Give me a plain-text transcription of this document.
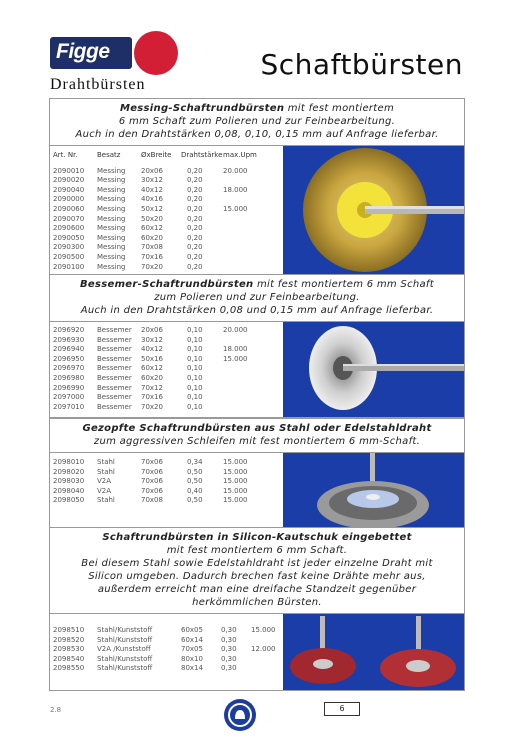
Figge
Drahtbürsten
Schaftbürsten
Messing-Schaftrundbürsten mit fest montiertem
6 mm Schaft zum Polieren und zur Feinbearbeitung.
Auch in den Drahtstärken 0,08, 0,10, 0,15 mm auf Anfrage lieferbar.
Art. Nr.	Besatz	ØxBreite Drahtstärke max.Upm
2090010 Messing 20x06	0,20	20.000
2090020 Messing 30x12	0,20
2090040 Messing 40x12	0,20	18.000
2090000 Messing 40x16	0,20
2090060 Messing 50x12	0,20	15.000
2090070 Messing 50x20	0,20
2090600 Messing 60x12	0,20
2090050 Messing 60x20	0,20
2090300 Messing 70x08	0,20
2090500 Messing 70x16	0,20
2090100 Messing 70x20	0,20
Bessemer-Schaftrundbürsten mit fest montiertem 6 mm Schaft
zum Polieren und zur Feinbearbeitung.
Auch in den Drahtstärken 0,08 und 0,15 mm auf Anfrage lieferbar.
2096920 Bessemer 20x06	0,10	20.000
2096930 Bessemer 30x12	0,10
2096940 Bessemer 40x12	0,10	18.000
2096950 Bessemer 50x16	0,10	15.000
2096970 Bessemer 60x12	0,10
2096980 Bessemer 60x20	0,10
2096990 Bessemer 70x12	0,10
2097000 Bessemer 70x16	0,10
2097010 Bessemer 70x20	0,10
Gezopfte Schaftrundbürsten aus Stahl oder Edelstahldraht
zum aggressiven Schleifen mit fest montiertem 6 mm-Schaft.
2098010 Stahl	70x06	0,34	15.000
2098020 Stahl	70x06	0,50	15.000
2098030 V2A	70x06	0,50	15.000
2098040 V2A	70x06	0,40	15.000
2098050 Stahl	70x08	0,50	15.000
Schaftrundbürsten in Silicon-Kautschuk eingebettet
mit fest montiertem 6 mm Schaft.
Bei diesem Stahl sowie Edelstahldraht ist jeder einzelne Draht mit
Silicon umgeben. Dadurch brechen fast keine Drähte mehr aus,
außerdem erreicht man eine dreifache Standzeit gegenüber
herkömmlichen Bürsten.
2098510 Stahl/Kunststoff	60x05	0,30 15.000
2098520 Stahl/Kunststoff	60x14	0,30
2098530 V2A /Kunststoff	70x05	0,30 12.000
2098540 Stahl/Kunststoff	80x10	0,30
2098550 Stahl/Kunststoff	80x14	0,30
2.8	6
